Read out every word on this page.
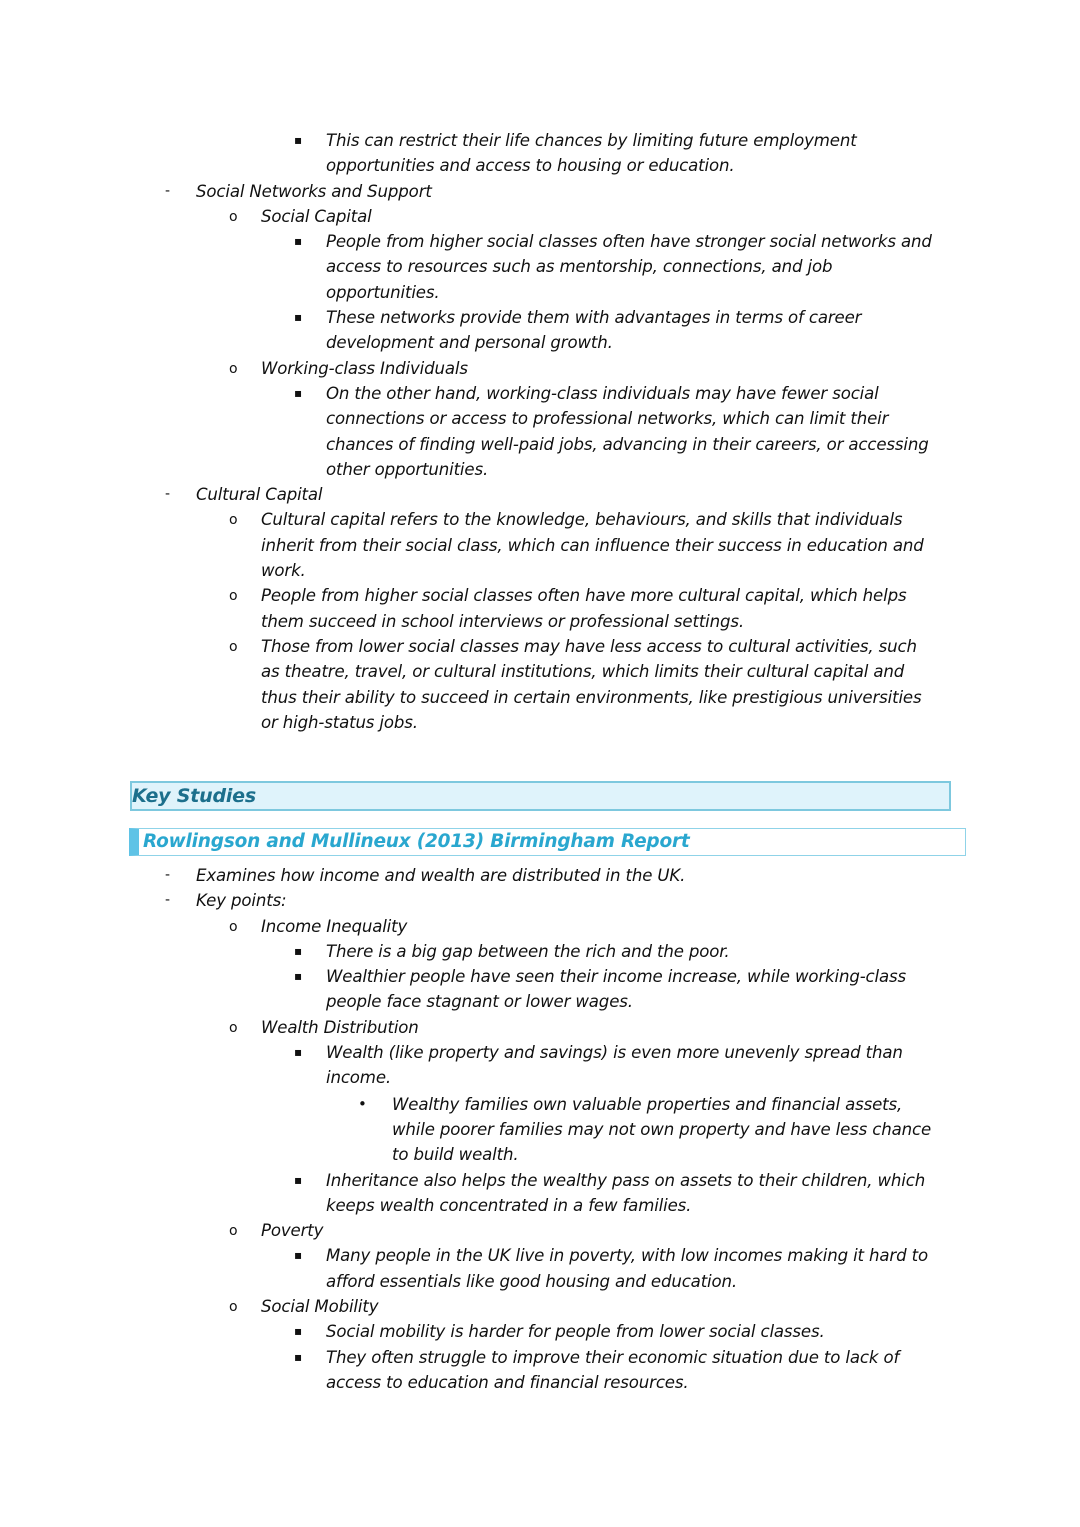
▪ This can restrict their life chances by limiting future employment opportunities and access to housing or education.
- Social Networks and Support
o Social Capital
▪ People from higher social classes often have stronger social networks and access to resources such as mentorship, connections, and job opportunities.
▪ These networks provide them with advantages in terms of career development and personal growth.
o Working-class Individuals
▪ On the other hand, working-class individuals may have fewer social connections or access to professional networks, which can limit their chances of finding well-paid jobs, advancing in their careers, or accessing other opportunities.
- Cultural Capital
o Cultural capital refers to the knowledge, behaviours, and skills that individuals inherit from their social class, which can influence their success in education and work.
o People from higher social classes often have more cultural capital, which helps them succeed in school interviews or professional settings.
o Those from lower social classes may have less access to cultural activities, such as theatre, travel, or cultural institutions, which limits their cultural capital and thus their ability to succeed in certain environments, like prestigious universities or high-status jobs.
Key Studies
Rowlingson and Mullineux (2013) Birmingham Report
- Examines how income and wealth are distributed in the UK.
- Key points:
o Income Inequality
▪ There is a big gap between the rich and the poor.
▪ Wealthier people have seen their income increase, while working-class people face stagnant or lower wages.
o Wealth Distribution
▪ Wealth (like property and savings) is even more unevenly spread than income.
• Wealthy families own valuable properties and financial assets, while poorer families may not own property and have less chance to build wealth.
▪ Inheritance also helps the wealthy pass on assets to their children, which keeps wealth concentrated in a few families.
o Poverty
▪ Many people in the UK live in poverty, with low incomes making it hard to afford essentials like good housing and education.
o Social Mobility
▪ Social mobility is harder for people from lower social classes.
▪ They often struggle to improve their economic situation due to lack of access to education and financial resources.
